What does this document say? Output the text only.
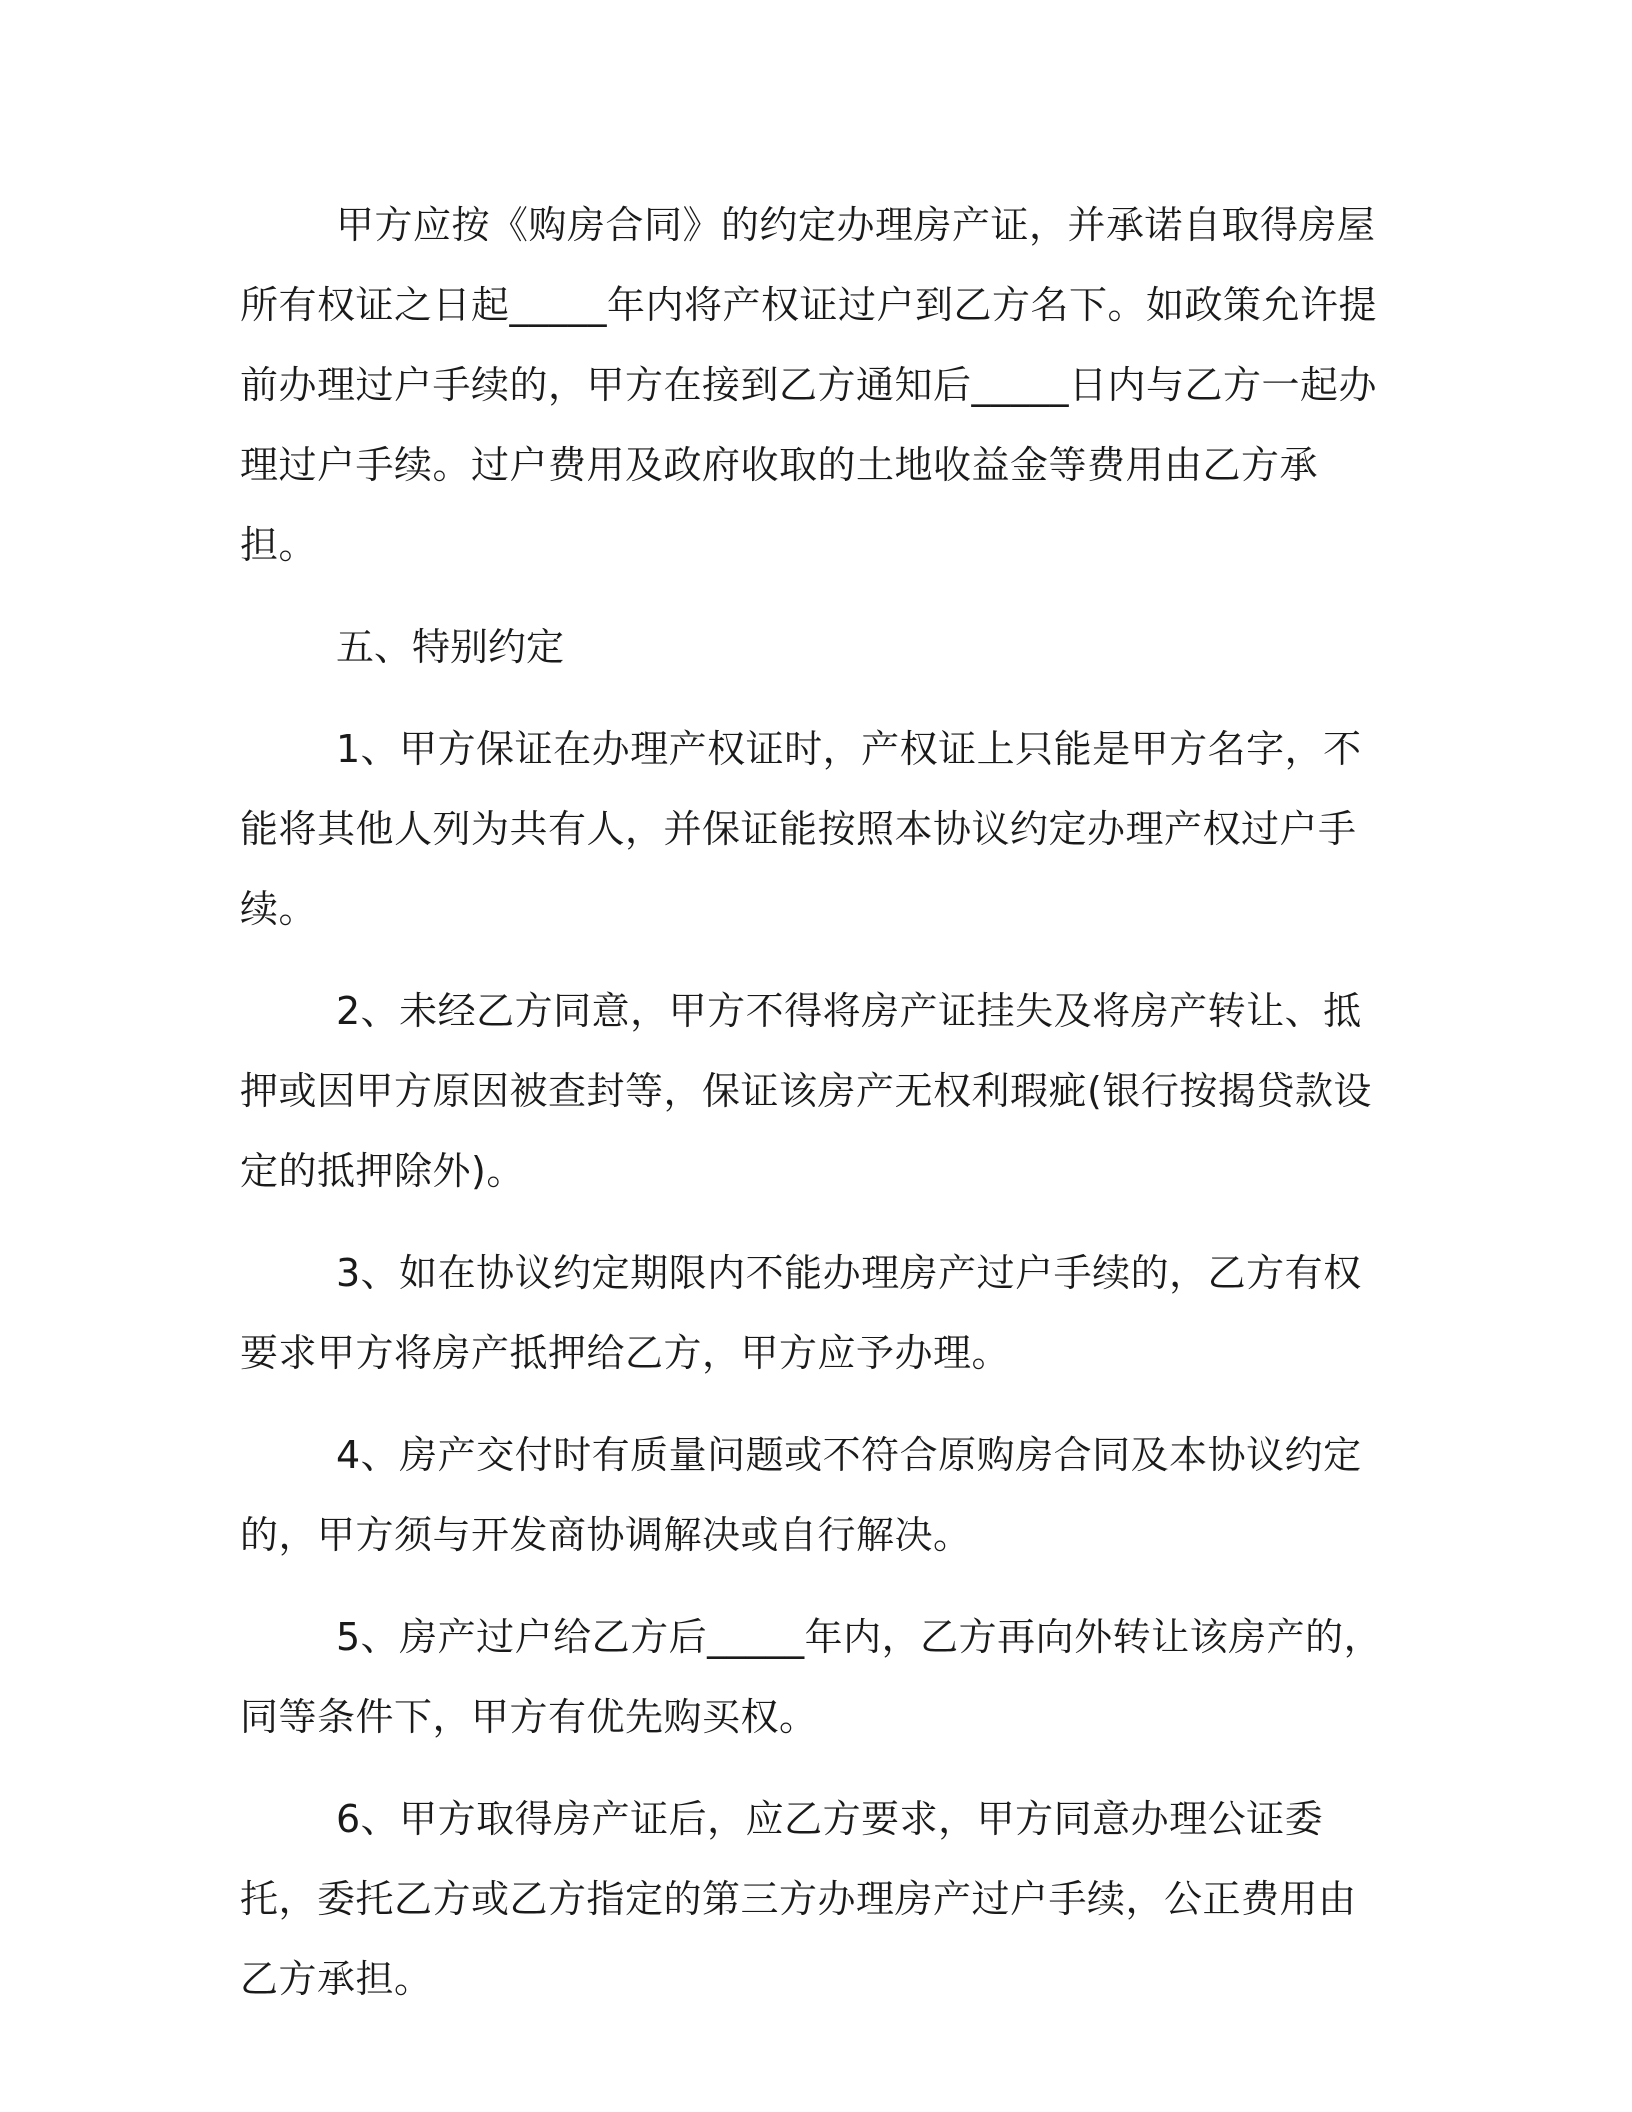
甲方应按《购房合同》的约定办理房产证，并承诺自取得房屋所有权证之日起_____年内将产权证过户到乙方名下。如政策允许提前办理过户手续的，甲方在接到乙方通知后_____日内与乙方一起办理过户手续。过户费用及政府收取的土地收益金等费用由乙方承担。

五、特别约定

1、甲方保证在办理产权证时，产权证上只能是甲方名字，不能将其他人列为共有人，并保证能按照本协议约定办理产权过户手续。

2、未经乙方同意，甲方不得将房产证挂失及将房产转让、抵押或因甲方原因被查封等，保证该房产无权利瑕疵(银行按揭贷款设定的抵押除外)。

3、如在协议约定期限内不能办理房产过户手续的，乙方有权要求甲方将房产抵押给乙方，甲方应予办理。

4、房产交付时有质量问题或不符合原购房合同及本协议约定的，甲方须与开发商协调解决或自行解决。

5、房产过户给乙方后_____年内，乙方再向外转让该房产的，同等条件下，甲方有优先购买权。

6、甲方取得房产证后，应乙方要求，甲方同意办理公证委托，委托乙方或乙方指定的第三方办理房产过户手续，公正费用由乙方承担。
